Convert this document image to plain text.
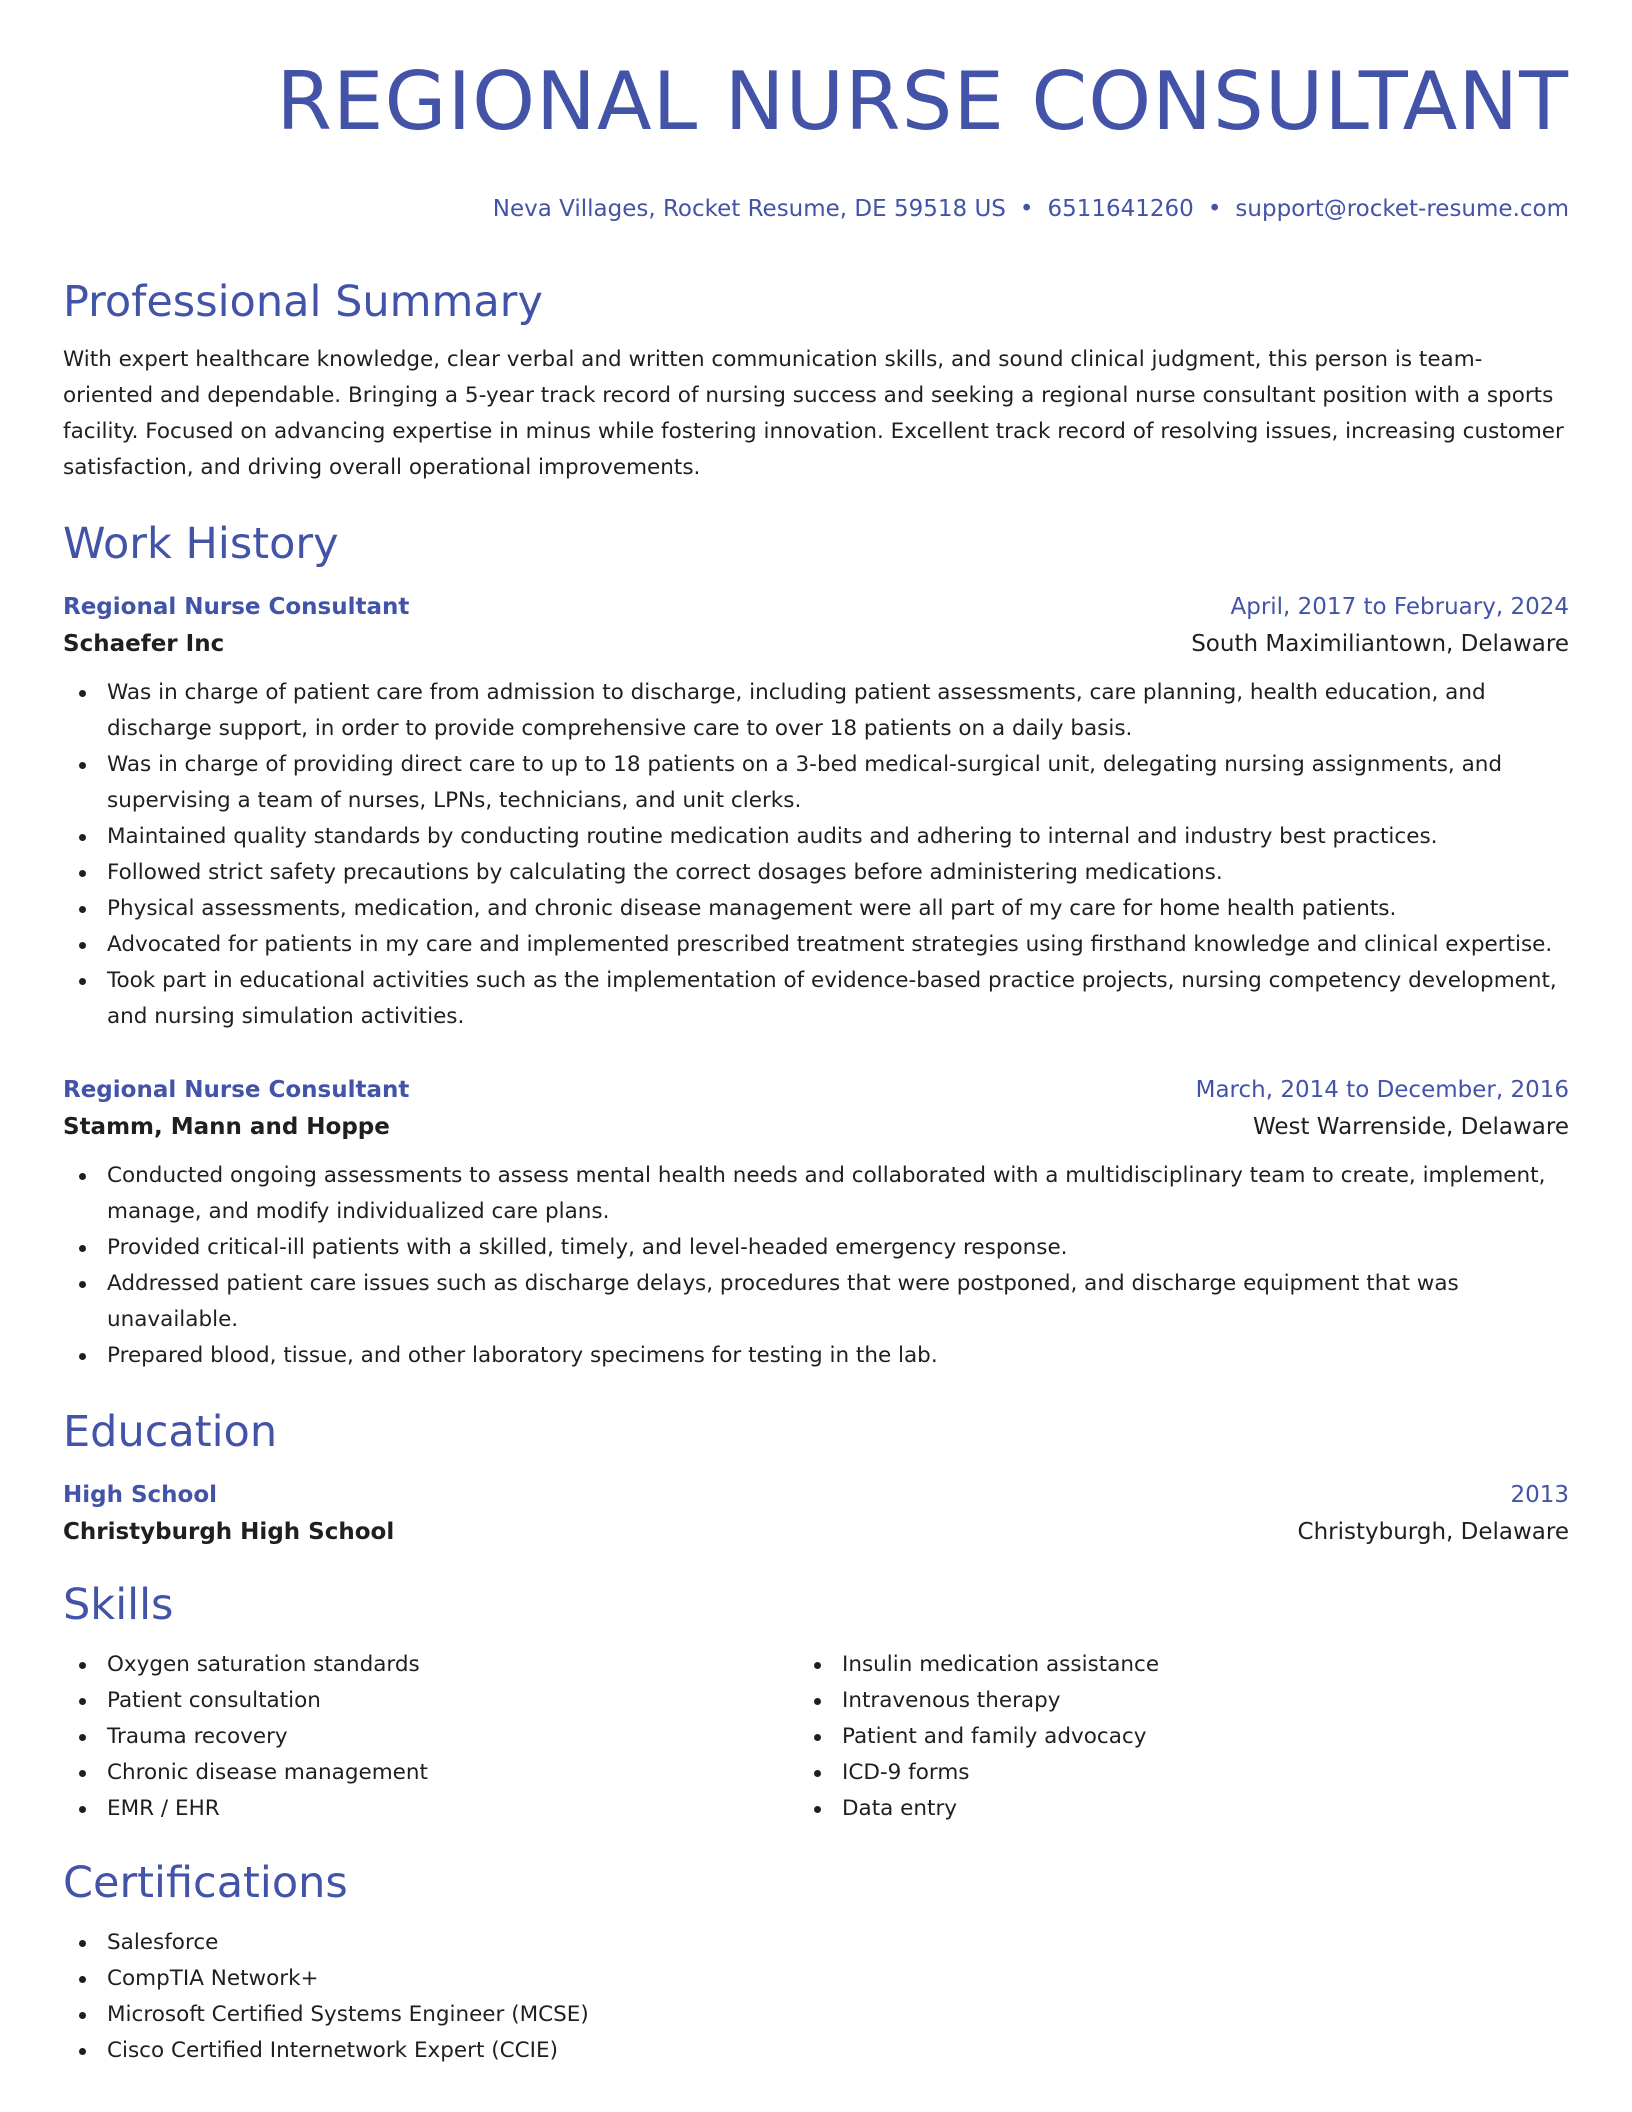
REGIONAL NURSE CONSULTANT
Neva Villages, Rocket Resume, DE 59518 US • 6511641260 • support@rocket-resume.com
Professional Summary

With expert healthcare knowledge, clear verbal and written communication skills, and sound clinical judgment, this person is team-oriented and dependable. Bringing a 5-year track record of nursing success and seeking a regional nurse consultant position with a sports facility. Focused on advancing expertise in minus while fostering innovation. Excellent track record of resolving issues, increasing customer satisfaction, and driving overall operational improvements.

Work History
Regional Nurse Consultant	April, 2017 to February, 2024
Schaefer Inc	South Maximiliantown, Delaware
Was in charge of patient care from admission to discharge, including patient assessments, care planning, health education, and discharge support, in order to provide comprehensive care to over 18 patients on a daily basis.
Was in charge of providing direct care to up to 18 patients on a 3-bed medical-surgical unit, delegating nursing assignments, and supervising a team of nurses, LPNs, technicians, and unit clerks.
Maintained quality standards by conducting routine medication audits and adhering to internal and industry best practices.
Followed strict safety precautions by calculating the correct dosages before administering medications.
Physical assessments, medication, and chronic disease management were all part of my care for home health patients.
Advocated for patients in my care and implemented prescribed treatment strategies using firsthand knowledge and clinical expertise.
Took part in educational activities such as the implementation of evidence-based practice projects, nursing competency development, and nursing simulation activities.
Regional Nurse Consultant	March, 2014 to December, 2016
Stamm, Mann and Hoppe	West Warrenside, Delaware
Conducted ongoing assessments to assess mental health needs and collaborated with a multidisciplinary team to create, implement, manage, and modify individualized care plans.
Provided critical-ill patients with a skilled, timely, and level-headed emergency response.
Addressed patient care issues such as discharge delays, procedures that were postponed, and discharge equipment that was unavailable.
Prepared blood, tissue, and other laboratory specimens for testing in the lab.
Education
High School	2013
Christyburgh High School	Christyburgh, Delaware
Skills
Oxygen saturation standards
Patient consultation
Trauma recovery
Chronic disease management
EMR / EHR
Insulin medication assistance
Intravenous therapy
Patient and family advocacy
ICD-9 forms
Data entry
Certifications
Salesforce
CompTIA Network+
Microsoft Certified Systems Engineer (MCSE)
Cisco Certified Internetwork Expert (CCIE)
